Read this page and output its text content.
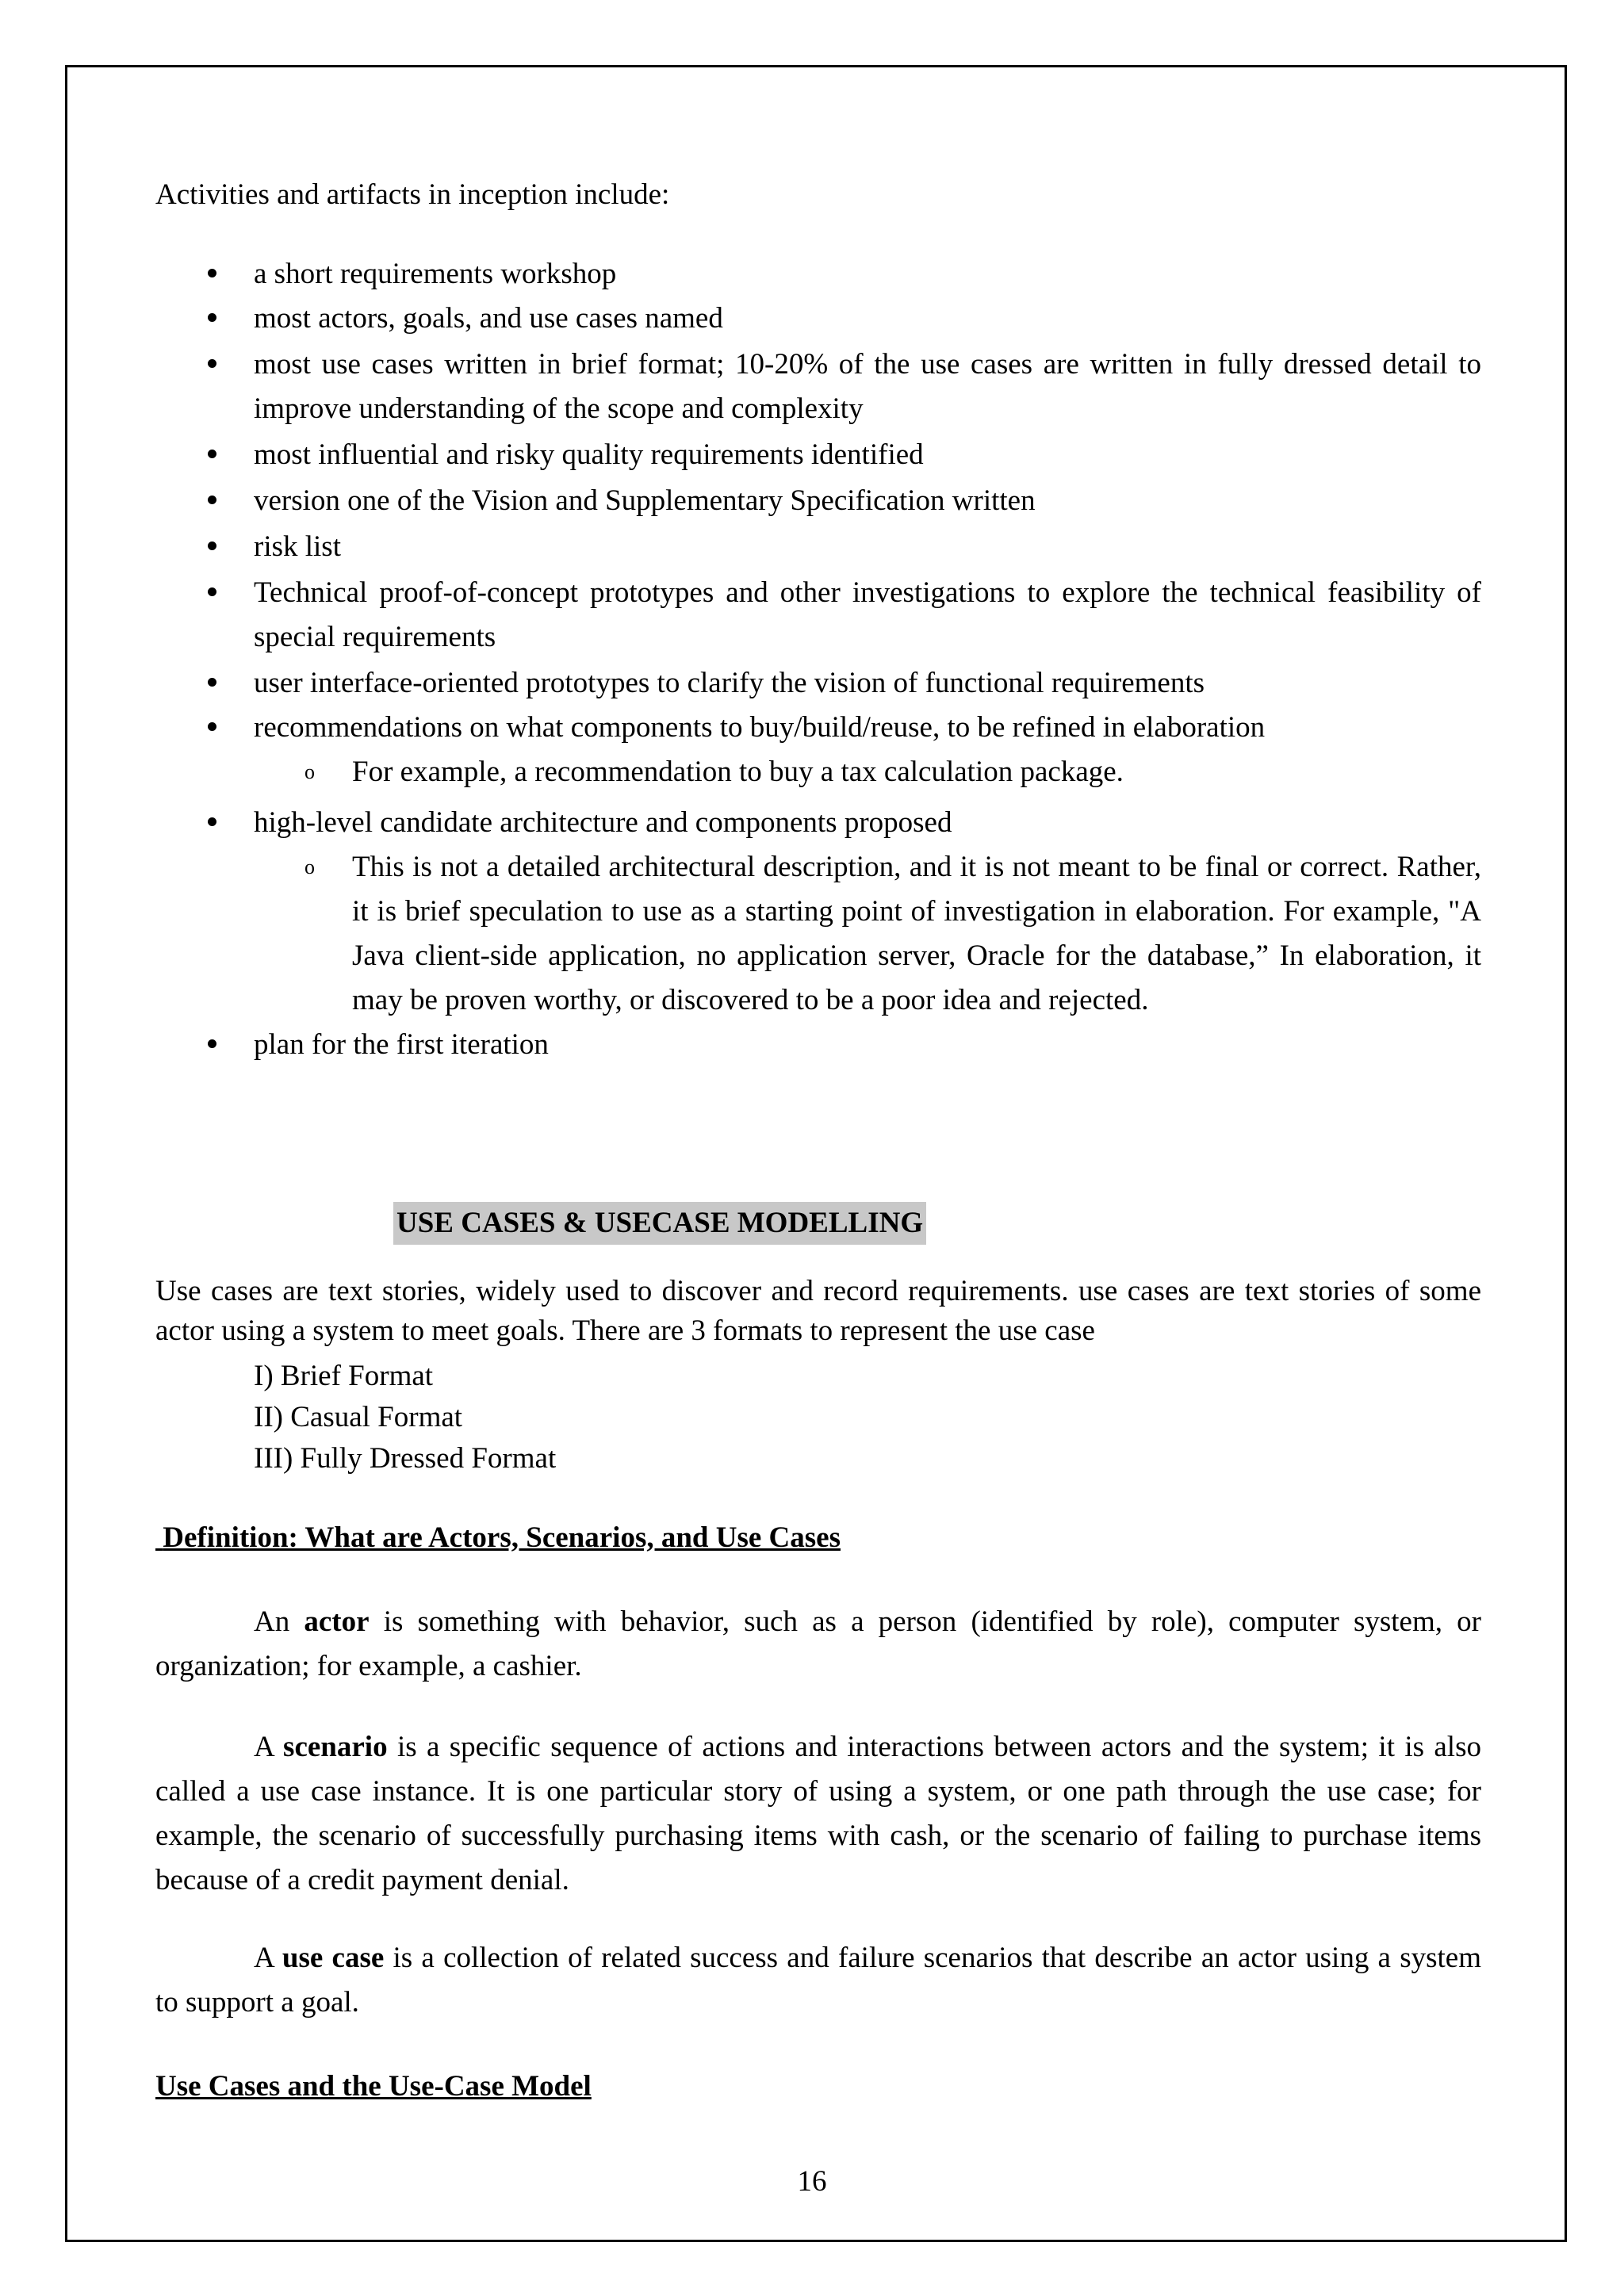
Activities and artifacts in inception include:

a short requirements workshop
most actors, goals, and use cases named
most use cases written in brief format; 10-20% of the use cases are written in fully dressed detail to improve understanding of the scope and complexity
most influential and risky quality requirements identified
version one of the Vision and Supplementary Specification written
risk list
Technical proof-of-concept prototypes and other investigations to explore the technical feasibility of special requirements
user interface-oriented prototypes to clarify the vision of functional requirements
recommendations on what components to buy/build/reuse, to be refined in elaboration
o For example, a recommendation to buy a tax calculation package.
high-level candidate architecture and components proposed
o This is not a detailed architectural description, and it is not meant to be final or correct. Rather, it is brief speculation to use as a starting point of investigation in elaboration. For example, "A Java client-side application, no application server, Oracle for the database,” In elaboration, it may be proven worthy, or discovered to be a poor idea and rejected.
plan for the first iteration
USE CASES & USECASE MODELLING

Use cases are text stories, widely used to discover and record requirements. use cases are text stories of some actor using a system to meet goals. There are 3 formats to represent the use case

I) Brief Format

II) Casual Format

III) Fully Dressed Format

Definition: What are Actors, Scenarios, and Use Cases

An actor is something with behavior, such as a person (identified by role), computer system, or organization; for example, a cashier.

A scenario is a specific sequence of actions and interactions between actors and the system; it is also called a use case instance. It is one particular story of using a system, or one path through the use case; for example, the scenario of successfully purchasing items with cash, or the scenario of failing to purchase items because of a credit payment denial.

A use case is a collection of related success and failure scenarios that describe an actor using a system to support a goal.

Use Cases and the Use-Case Model

16
